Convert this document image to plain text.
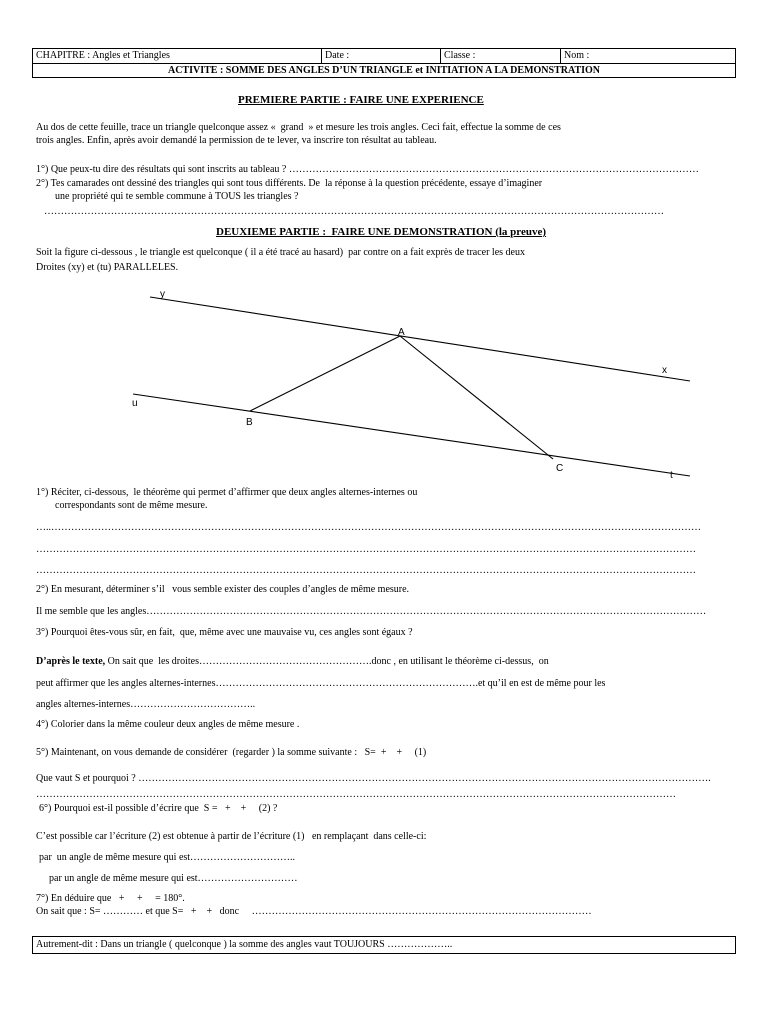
CHAPITRE : Angles et Triangles	Date :	Classe :	Nom :
ACTIVITE : SOMME DES ANGLES D’UN TRIANGLE et INITIATION A LA DEMONSTRATION
PREMIERE PARTIE : FAIRE UNE EXPERIENCE
Au dos de cette feuille, trace un triangle quelconque assez «  grand  » et mesure les trois angles. Ceci fait, effectue la somme de ces
trois angles. Enfin, après avoir demandé la permission de te lever, va inscrire ton résultat au tableau.
1°) Que peux-tu dire des résultats qui sont inscrits au tableau ? ……………………………………………………………………………………………………………
2°) Tes camarades ont dessiné des triangles qui sont tous différents. De  la réponse à la question précédente, essaye d’imaginer
une propriété qui te semble commune à TOUS les triangles ?
……………………………………………………………………………………………………………………………………………………………………
DEUXIEME PARTIE :  FAIRE UNE DEMONSTRATION (la preuve)
Soit la figure ci-dessous , le triangle est quelconque ( il a été tracé au hasard)  par contre on a fait exprès de tracer les deux
Droites (xy) et (tu) PARALLELES.
y
x
u
t
A
B
C
1°) Réciter, ci-dessous,  le théorème qui permet d’affirmer que deux angles alternes-internes ou
correspondants sont de même mesure.
…..……………………………………………………………………………………………………………………………………………………………………………
………………………………………………………………………………………………………………………………………………………………………………
………………………………………………………………………………………………………………………………………………………………………………
2°) En mesurant, déterminer s’il   vous semble exister des couples d’angles de même mesure.
Il me semble que les angles……………………………………………………………………………………………………………………………………………………
3°) Pourquoi êtes-vous sûr, en fait,  que, même avec une mauvaise vu, ces angles sont égaux ?
D’après le texte, On sait que  les droites…………………………………………….donc , en utilisant le théorème ci-dessus,  on
peut affirmer que les angles alternes-internes…………………………………………………………………….et qu’il en est de même pour les
angles alternes-internes………………………………..
4°) Colorier dans la même couleur deux angles de même mesure .
5°) Maintenant, on vous demande de considérer  (regarder ) la somme suivante :   S=  +    +     (1)
Que vaut S et pourquoi ? ……………………………………………………………………………………………………………………………………………………….
…………………………………………………………………………………………………………………………………………………………………………
6°) Pourquoi est-il possible d’écrire que  S =   +    +     (2) ?
C’est possible car l’écriture (2) est obtenue à partir de l’écriture (1)   en remplaçant  dans celle-ci:
par  un angle de même mesure qui est…………………………..
par un angle de même mesure qui est…………………………
7°) En déduire que   +     +     = 180°.
On sait que : S= ………… et que S=   +    +   donc     …………………………………………………………………………………………
Autrement-dit : Dans un triangle ( quelconque ) la somme des angles vaut TOUJOURS ………………..
